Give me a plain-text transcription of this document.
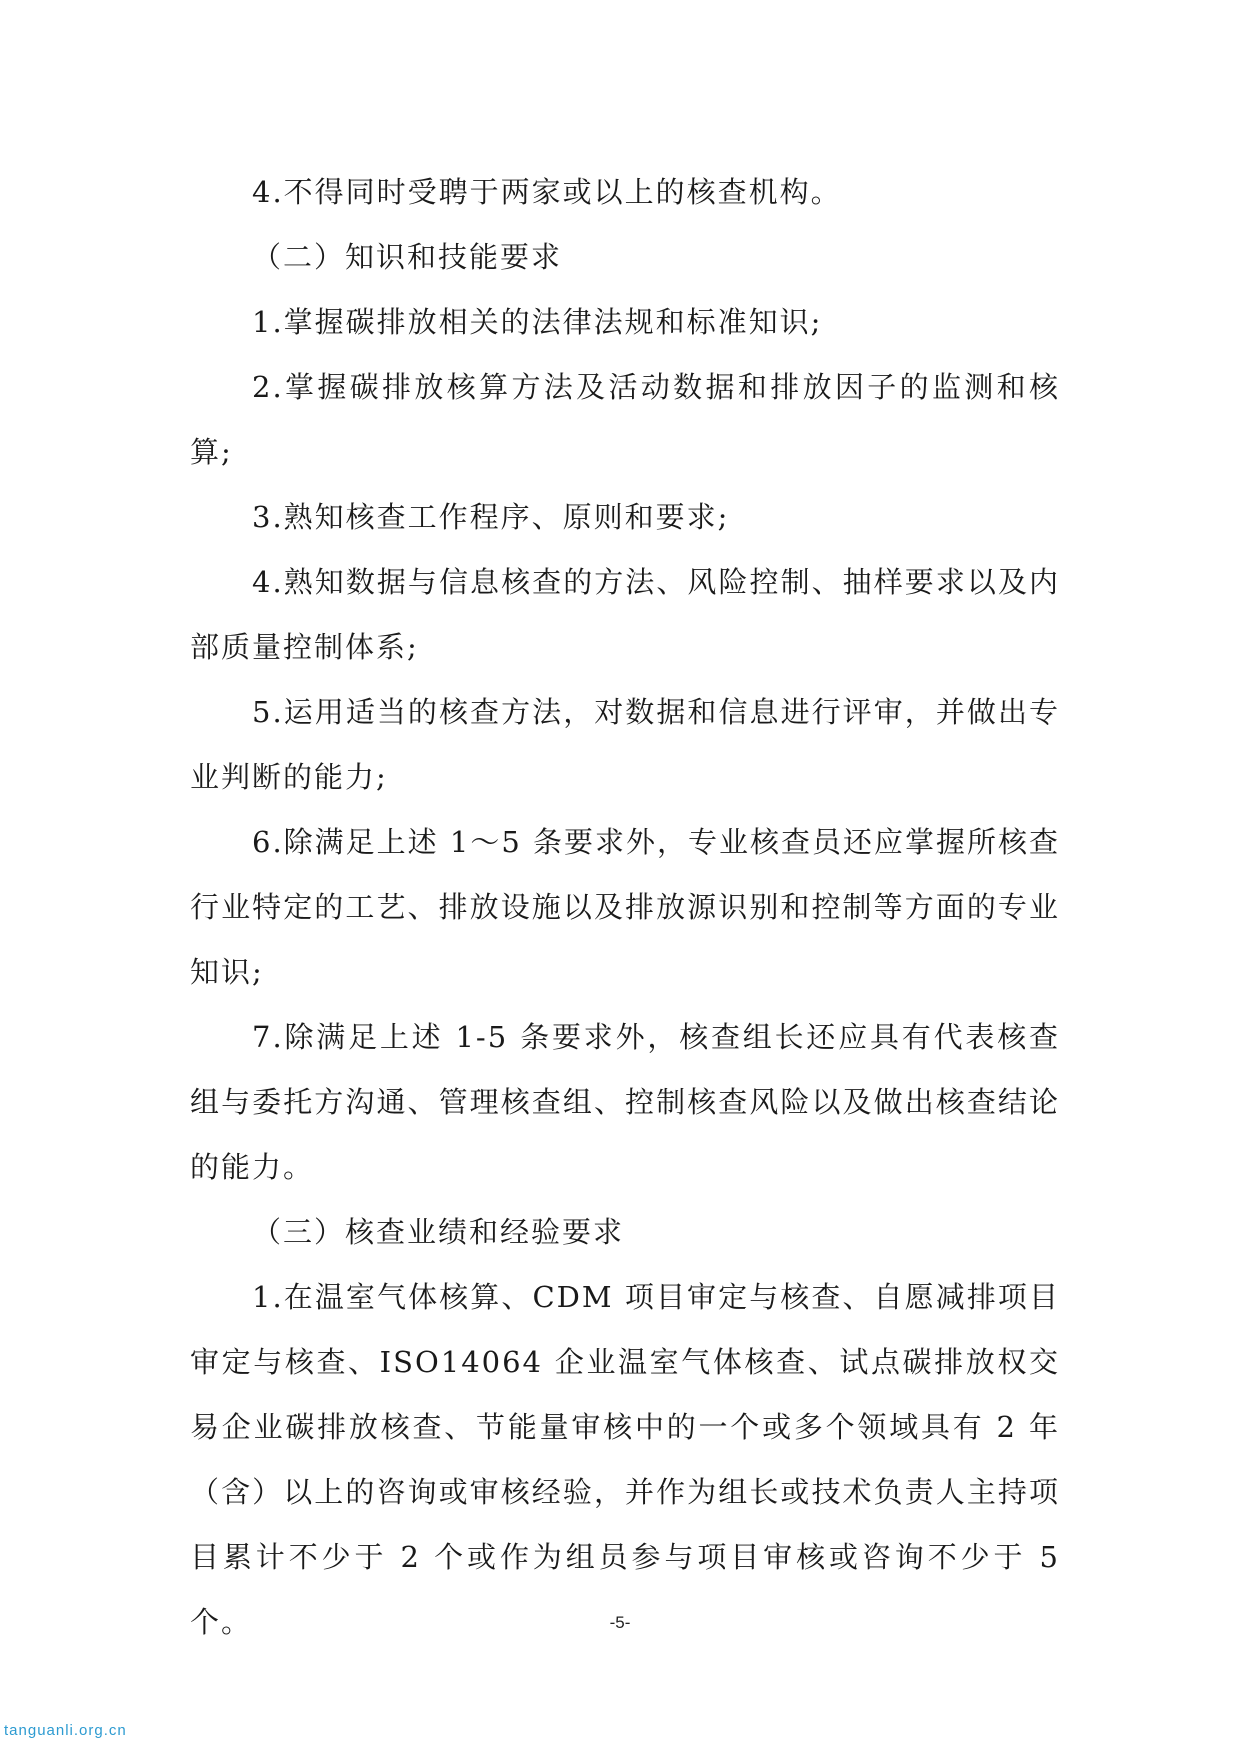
4.不得同时受聘于两家或以上的核查机构。

（二）知识和技能要求

1.掌握碳排放相关的法律法规和标准知识;

2.掌握碳排放核算方法及活动数据和排放因子的监测和核算;

3.熟知核查工作程序、原则和要求;

4.熟知数据与信息核查的方法、风险控制、抽样要求以及内部质量控制体系;

5.运用适当的核查方法，对数据和信息进行评审，并做出专业判断的能力;

6.除满足上述 1～5 条要求外，专业核查员还应掌握所核查行业特定的工艺、排放设施以及排放源识别和控制等方面的专业知识;

7.除满足上述 1-5 条要求外，核查组长还应具有代表核查组与委托方沟通、管理核查组、控制核查风险以及做出核查结论的能力。

（三）核查业绩和经验要求

1.在温室气体核算、CDM 项目审定与核查、自愿减排项目审定与核查、ISO14064 企业温室气体核查、试点碳排放权交易企业碳排放核查、节能量审核中的一个或多个领域具有 2 年（含）以上的咨询或审核经验，并作为组长或技术负责人主持项目累计不少于 2 个或作为组员参与项目审核或咨询不少于 5 个。	-5-
tanguanli.org.cn
